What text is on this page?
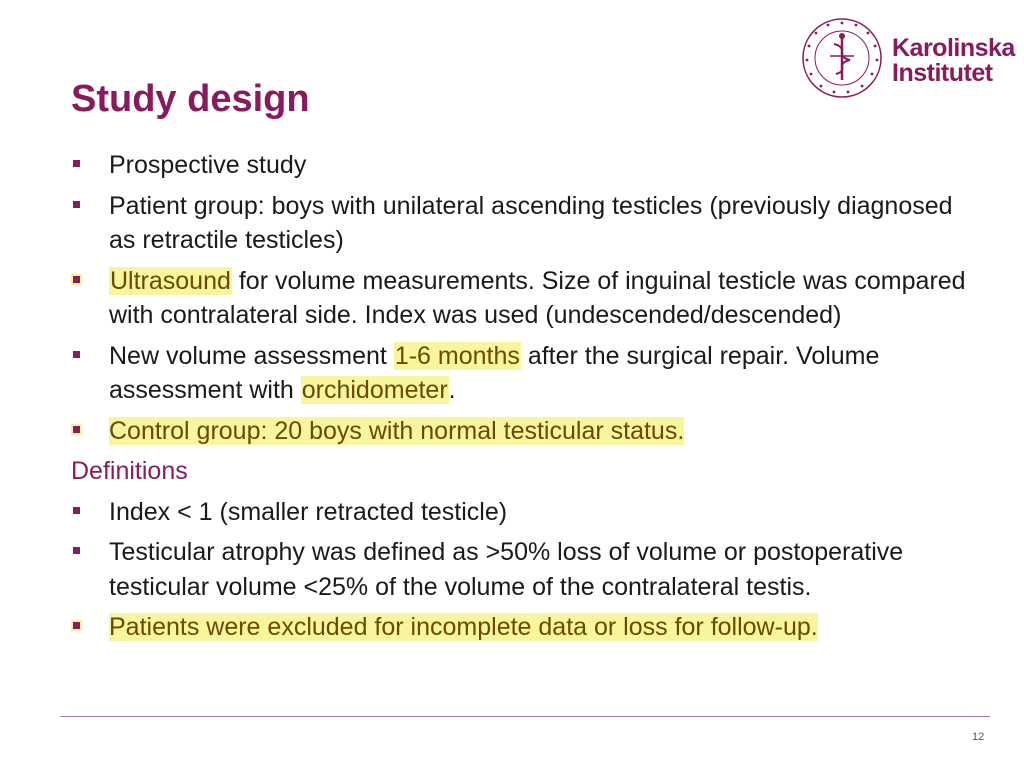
Study design
Karolinska
Institutet
Prospective study
Patient group: boys with unilateral ascending testicles (previously diagnosed as retractile testicles)
Ultrasound for volume measurements. Size of inguinal testicle was compared with contralateral side. Index was used (undescended/descended)
New volume assessment 1-6 months after the surgical repair. Volume assessment with orchidometer.
Control group: 20 boys with normal testicular status.
Definitions
Index < 1 (smaller retracted testicle)
Testicular atrophy was defined as >50% loss of volume or postoperative testicular volume <25% of the volume of the contralateral testis.
Patients were excluded for incomplete data or loss for follow-up.
12
